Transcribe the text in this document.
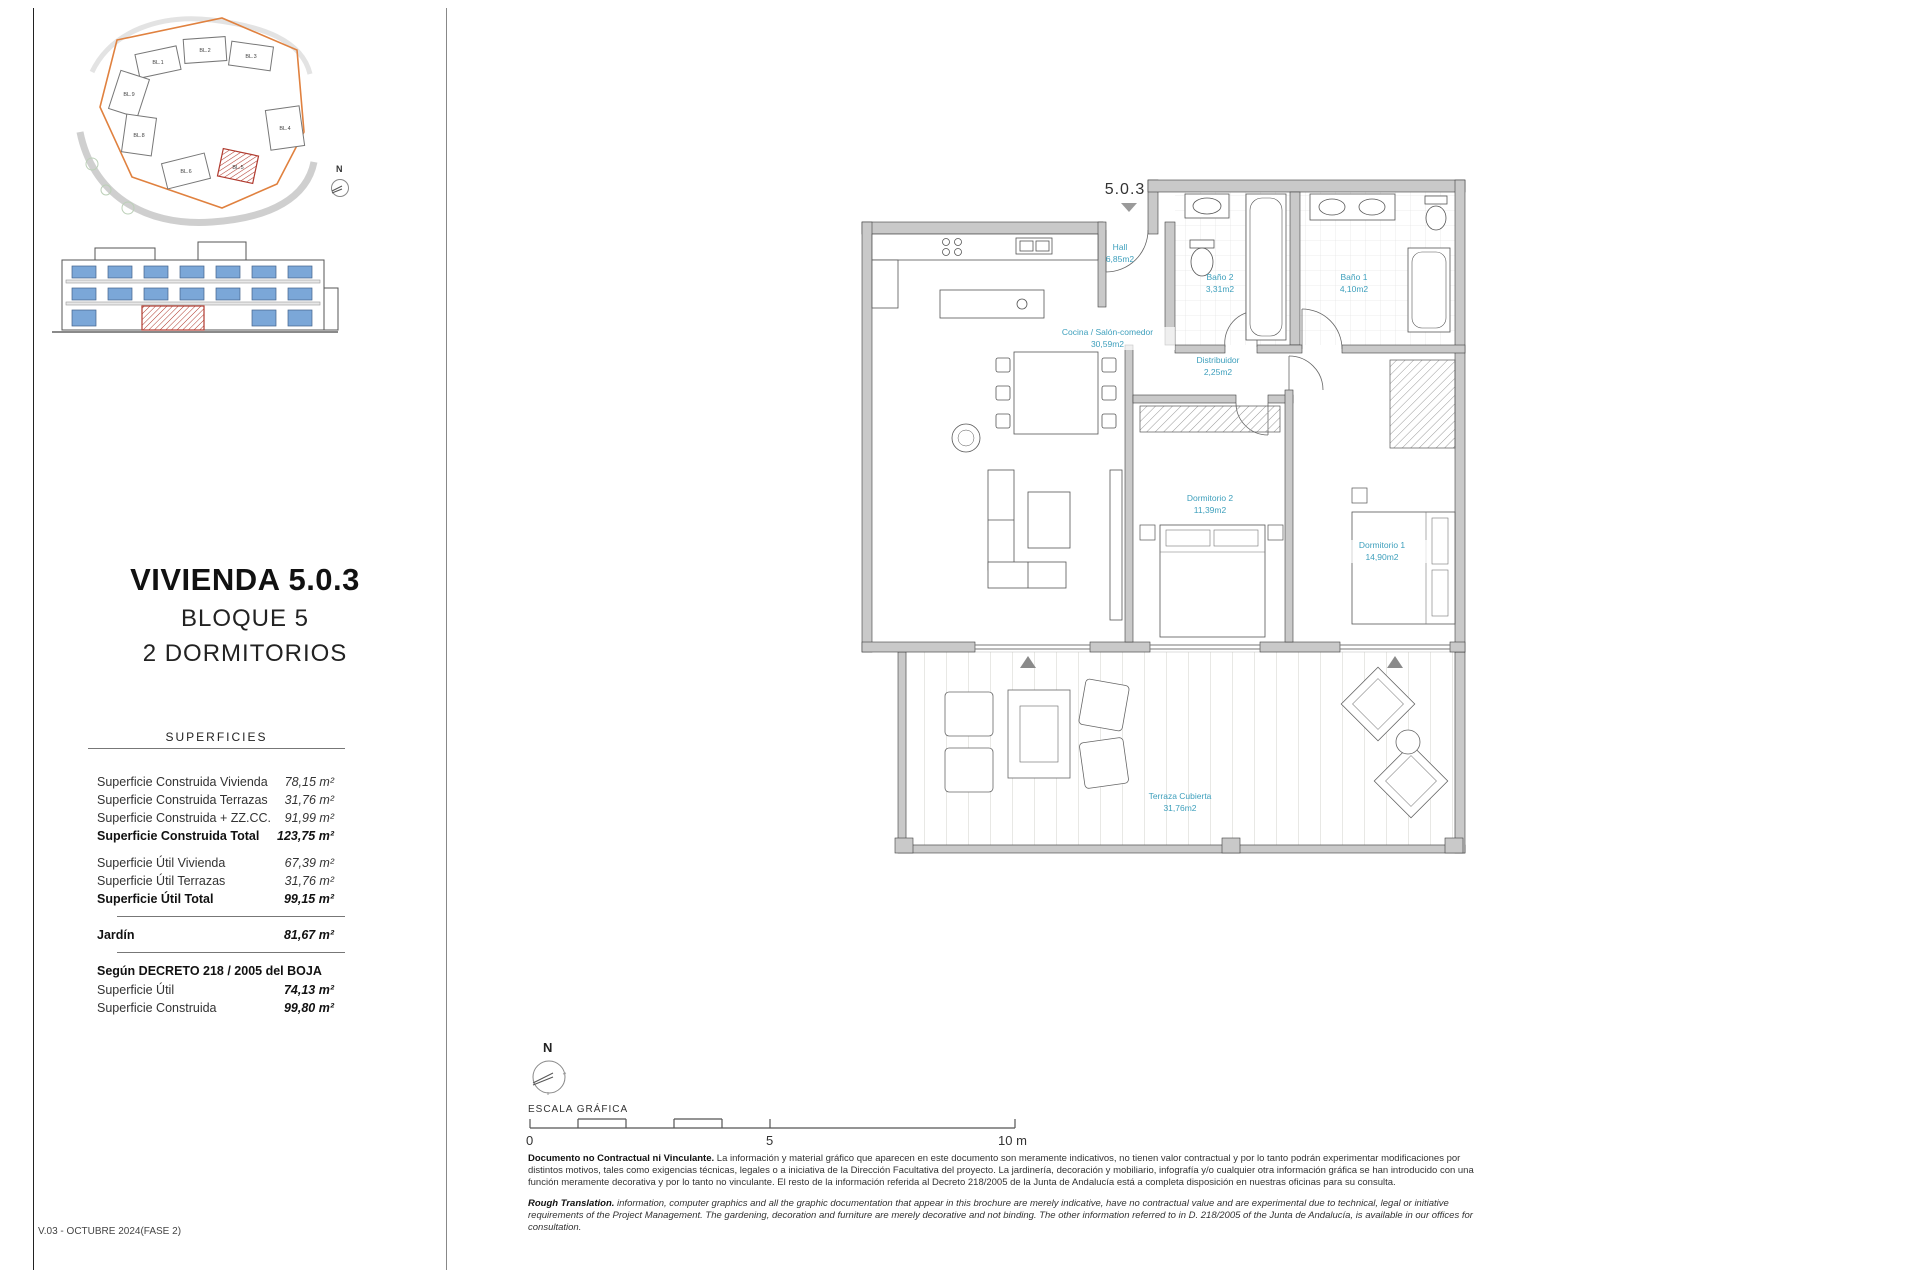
BL.1
BL.2
BL.3
BL.9
BL.8
BL.6
BL.4
BL.5	N
VIVIENDA 5.0.3
BLOQUE 5
2 DORMITORIOS
SUPERFICIES
Superficie Construida Vivienda 78,15 m²
Superficie Construida Terrazas 31,76 m²
Superficie Construida + ZZ.CC. 91,99 m²
Superficie Construida Total 123,75 m²
Superficie Útil Vivienda	67,39 m²
Superficie Útil Terrazas	31,76 m²
Superficie Útil Total	99,15 m²
Jardín	81,67 m²
Según DECRETO 218 / 2005 del BOJA
Superficie Útil	74,13 m²
Superficie Construida	99,80 m²
5.0.3
Hall
6,85m2
Baño 2
3,31m2
Baño 1
4,10m2
Cocina / Salón-comedor
30,59m2
Distribuidor
2,25m2
Dormitorio 2
11,39m2
Dormitorio 1
14,90m2
Terraza Cubierta
31,76m2
N
ESCALA GRÁFICA
0	5	10 m
Documento no Contractual ni Vinculante. La información y material gráfico que aparecen en este documento son meramente indicativos, no tienen valor contractual y por lo tanto podrán experimentar modificaciones por distintos motivos, tales como exigencias técnicas, legales o a iniciativa de la Dirección Facultativa del proyecto. La jardinería, decoración y mobiliario, infografía y/o cualquier otra información gráfica se han introducido con una función meramente decorativa y por lo tanto no vinculante. El resto de la información referida al Decreto 218/2005 de la Junta de Andalucía está a completa disposición en nuestras oficinas para su consulta.
Rough Translation. information, computer graphics and all the graphic documentation that appear in this brochure are merely indicative, have no contractual value and are experimental due to technical, legal or initiative requirements of the Project Management. The gardening, decoration and furniture are merely decorative and not binding. The other information referred to in D. 218/2005 of the Junta de Andalucía, is available in our offices for consultation.
V.03 - OCTUBRE 2024(FASE 2)
